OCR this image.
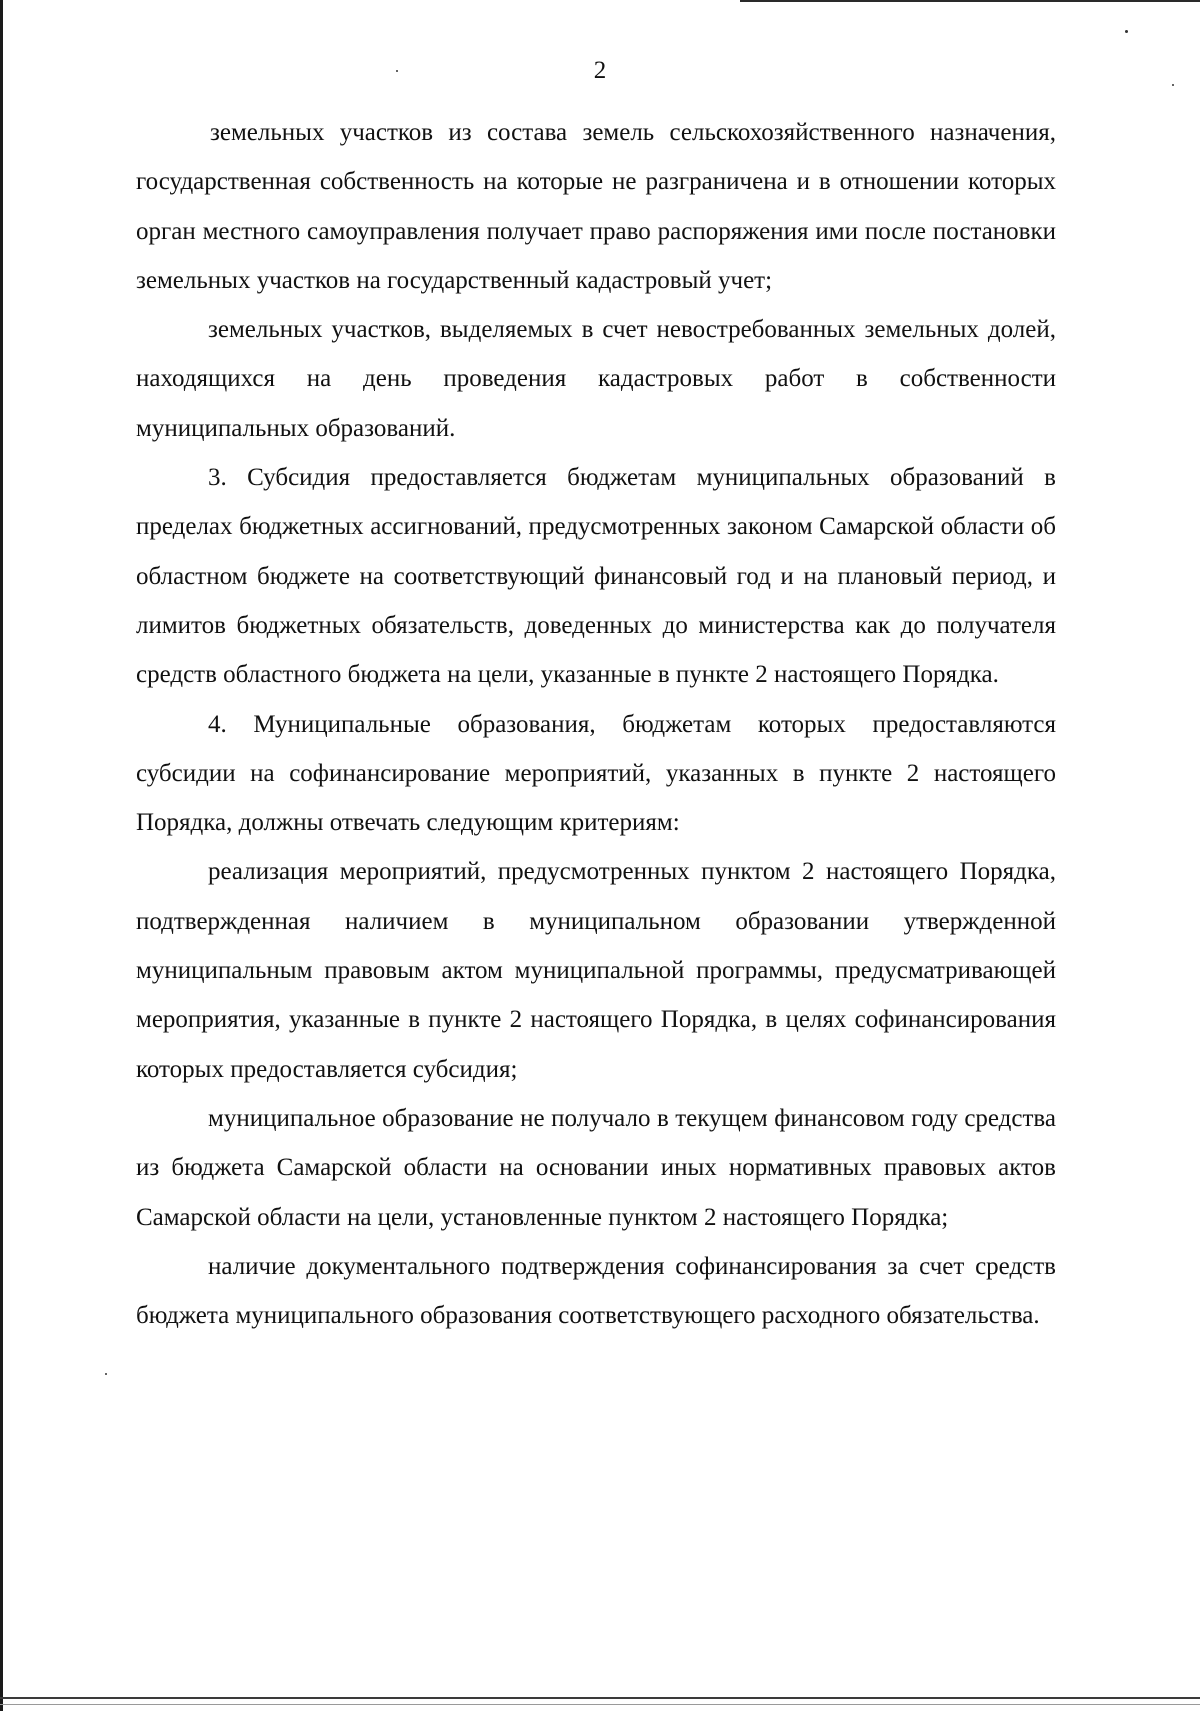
2

земельных участков из состава земель сельскохозяйственного назначения, государственная собственность на которые не разграничена и в отношении которых орган местного самоуправления получает право распоряжения ими после постановки земельных участков на государственный кадастровый учет;

земельных участков, выделяемых в счет невостребованных земельных долей, находящихся на день проведения кадастровых работ в собственности муниципальных образований.

3. Субсидия предоставляется бюджетам муниципальных образований в пределах бюджетных ассигнований, предусмотренных законом Самарской области об областном бюджете на соответствующий финансовый год и на плановый период, и лимитов бюджетных обязательств, доведенных до министерства как до получателя средств областного бюджета на цели, указанные в пункте 2 настоящего Порядка.

4. Муниципальные образования, бюджетам которых предоставляются субсидии на софинансирование мероприятий, указанных в пункте 2 настоящего Порядка, должны отвечать следующим критериям:

реализация мероприятий, предусмотренных пунктом 2 настоящего Порядка, подтвержденная наличием в муниципальном образовании утвержденной муниципальным правовым актом муниципальной программы, предусматривающей мероприятия, указанные в пункте 2 настоящего Порядка, в целях софинансирования которых предоставляется субсидия;

муниципальное образование не получало в текущем финансовом году средства из бюджета Самарской области на основании иных нормативных правовых актов Самарской области на цели, установленные пунктом 2 настоящего Порядка;

наличие документального подтверждения софинансирования за счет средств бюджета муниципального образования соответствующего расходного обязательства.
